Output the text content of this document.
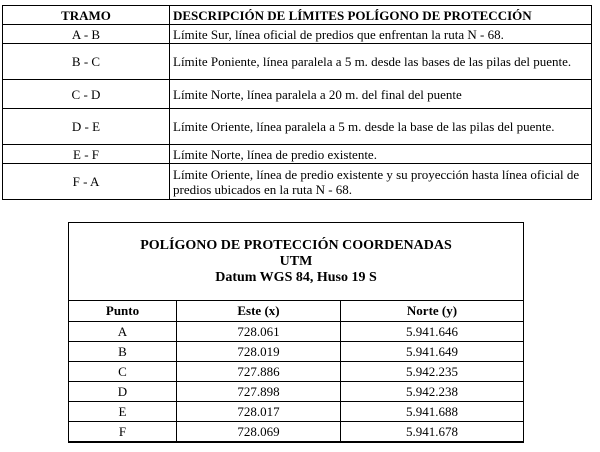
TRAMO	DESCRIPCIÓN DE LÍMITES POLÍGONO DE PROTECCIÓN
A - B	Límite Sur, línea oficial de predios que enfrentan la ruta N - 68.
B - C	Límite Poniente, línea paralela a 5 m. desde las bases de las pilas del puente.
C - D	Límite Norte, línea paralela a 20 m. del final del puente
D - E	Límite Oriente, línea paralela a 5 m. desde la base de las pilas del puente.
E - F	Límite Norte, línea de predio existente.
F - A	Límite Oriente, línea de predio existente y su proyección hasta línea oficial de predios ubicados en la ruta N - 68.
POLÍGONO DE PROTECCIÓN COORDENADAS
UTM
Datum WGS 84, Huso 19 S
Punto	Este (x)	Norte (y)
A	728.061	5.941.646
B	728.019	5.941.649
C	727.886	5.942.235
D	727.898	5.942.238
E	728.017	5.941.688
F	728.069	5.941.678
